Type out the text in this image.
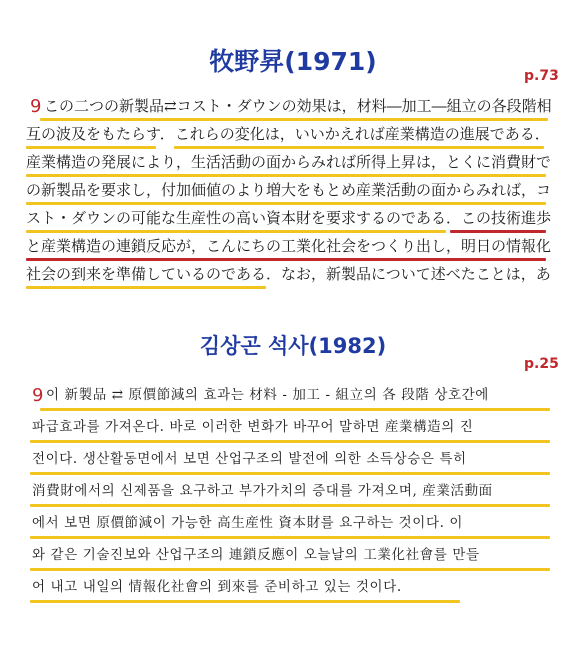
牧野昇(1971)	p.73
9 この二つの新製品⇄コスト・ダウンの効果は，材料―加工―組立の各段階相
互の波及をもたらす．これらの変化は，いいかえれば産業構造の進展である．
産業構造の発展により，生活活動の面からみれば所得上昇は，とくに消費財で
の新製品を要求し，付加価値のより増大をもとめ産業活動の面からみれば，コ
スト・ダウンの可能な生産性の高い資本財を要求するのである．この技術進歩
と産業構造の連鎖反応が，こんにちの工業化社会をつくり出し，明日の情報化
社会の到来を準備しているのである．なお，新製品について述べたことは，あ
김상곤 석사(1982)
p.25
9 이 新製品 ⇄ 原價節減의 효과는 材料 - 加工 - 組立의 各 段階 상호간에
파급효과를 가져온다. 바로 이러한 변화가 바꾸어 말하면 産業構造의 진
전이다. 생산활동면에서 보면 산업구조의 발전에 의한 소득상승은 특히
消費財에서의 신제품을 요구하고 부가가치의 증대를 가져오며, 産業活動面
에서 보면 原價節減이 가능한 高生産性 資本財를 요구하는 것이다. 이
와 같은 기술진보와 산업구조의 連鎖反應이 오늘날의 工業化社會를 만들
어 내고 내일의 情報化社會의 到來를 준비하고 있는 것이다.
